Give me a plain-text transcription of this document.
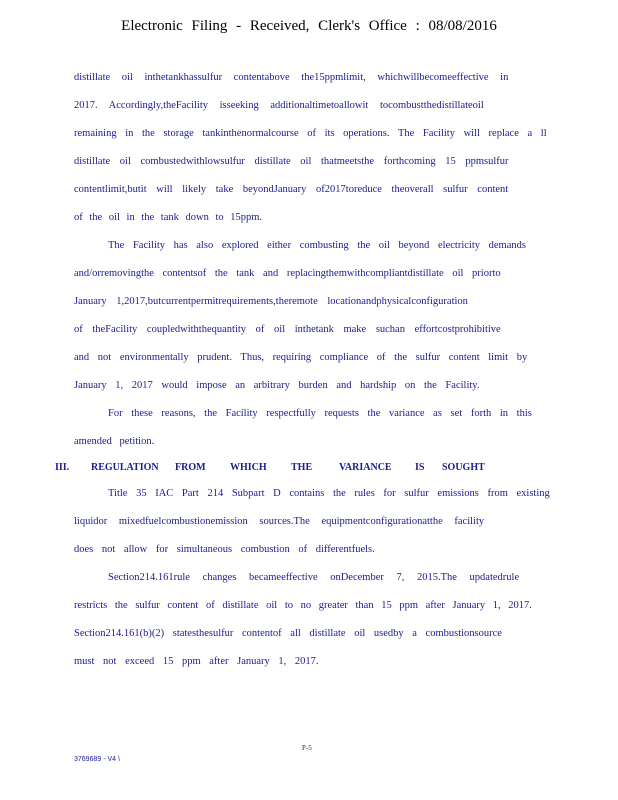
Electronic Filing - Received, Clerk's Office : 08/08/2016
distillate oil inthetankhassulfur contentabove the15ppmlimit, whichwillbecomeeffective in
2017. Accordingly,theFacility isseeking additionaltimetoallowit tocombustthedistillateoil
remaining in the storage tankinthenormalcourse of its operations. The Facility will replace a ll
distillate oil combustedwithlowsulfur distillate oil thatmeetsthe forthcoming 15 ppmsulfur
contentlimit,butit will likely take beyondJanuary of2017toreduce theoverall sulfur content
of the oil in the tank down to 15ppm.
The Facility has also explored either combusting the oil beyond electricity demands
and/orremovingthe contentsof the tank and replacingthemwithcompliantdistillate oil priorto
January 1,2017,butcurrentpermitrequirements,theremote locationandphysicalconfiguration
of theFacility coupledwiththequantity of oil inthetank make suchan effortcostprohibitive
and not environmentally prudent. Thus, requiring compliance of the sulfur content limit by
January 1, 2017 would impose an arbitrary burden and hardship on the Facility.
For these reasons, the Facility respectfully requests the variance as set forth in this
amended petition.
III. REGULATION FROM WHICH THE	VARIANCE IS SOUGHT
Title 35 IAC Part 214 Subpart D contains the rules for sulfur emissions from existing
liquidor mixedfuelcombustionemission sources.The equipmentconfigurationatthe facility
does not allow for simultaneous combustion of differentfuels.
Section214.161rule changes becameeffective onDecember 7, 2015.The updatedrule
restricts the sulfur content of distillate oil to no greater than 15 ppm after January 1, 2017.
Section214.161(b)(2) statesthesulfur contentof all distillate oil usedby a combustionsource
must not exceed 15 ppm after January 1, 2017.
P-5
3769689 - V4 \
